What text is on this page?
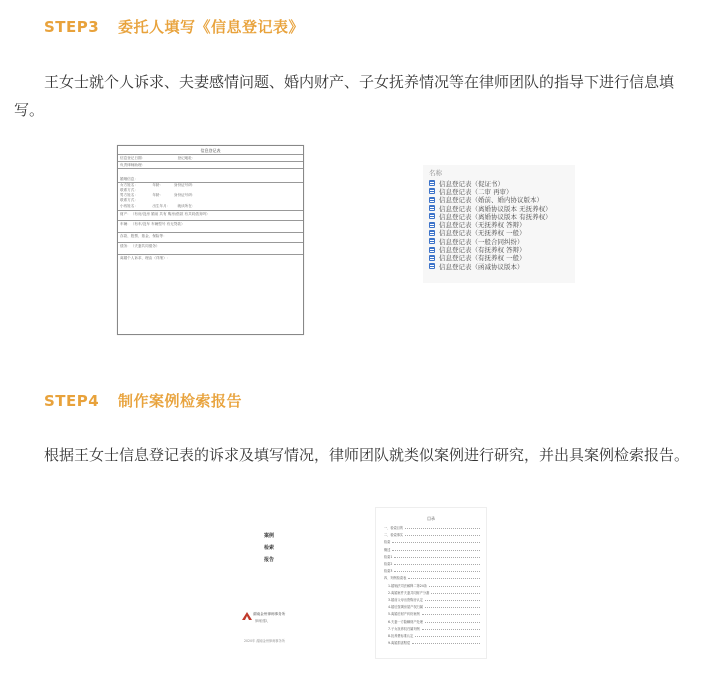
STEP3 委托人填写《信息登记表》
王女士就个人诉求、夫妻感情问题、婚内财产、子女抚养情况等在律师团队的指导下进行信息填写。
信息登记表
信息登记日期：　　　　　　　　　登记地址：
负责律师助理：
婚姻信息：
女方姓名：　　　　年龄：　　　身份证号码：
联系方式：
男方姓名：　　　　年龄：　　　身份证号码：
联系方式：
小孩姓名：　　　　出生年月：　　就读所在：
财产：（有房/没房 婚前 共有 购房/借款 有共同债务吗）
车辆：（有车/没车 车辆型号 有无贷款）
存款、股票、基金、保险等：
债务：（夫妻共同债务）
离婚个人诉求、理由（详细）：
名称
信息登记表（促证书）
信息登记表（二审 再审）
信息登记表（婚前、婚内协议版本）
信息登记表（离婚协议版本 无抚养权）
信息登记表（离婚协议版本 有抚养权）
信息登记表（无抚养权 答辩）
信息登记表（无抚养权 一般）
信息登记表（一般合同纠纷）
信息登记表（有抚养权 答辩）
信息登记表（有抚养权 一般）
信息登记表（函减协议版本）
STEP4 制作案例检索报告
根据王女士信息登记表的诉求及填写情况，律师团队就类似案例进行研究，并出具案例检索报告。
案例检索报告
湖南金州律师事务所
律师团队
2020年 湖南金州律师事务所
目录
一、检索目的
二、检索事实
检索
概述
检索1
检索2
检索3
四、判例检索表
1.婚姻法司法解释二第24条
2.离婚案件夫妻共同财产分割
3.婚前父母出资购房认定
4.婚后按揭房屋产权归属
5.离婚后财产纠纷案例
6.夫妻一方隐瞒财产处理
7.子女抚养权归属判例
8.抚养费标准认定
9.离婚损害赔偿
